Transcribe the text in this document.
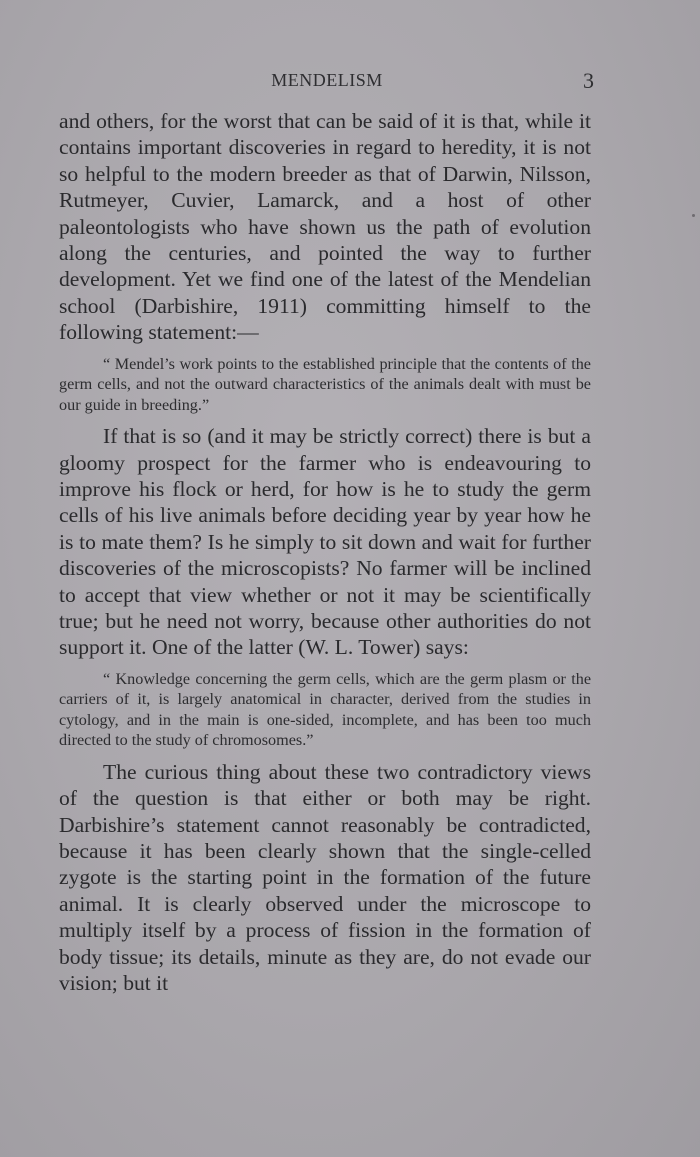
MENDELISM	3

and others, for the worst that can be said of it is that, while it contains important discoveries in regard to heredity, it is not so helpful to the modern breeder as that of Darwin, Nilsson, Rutmeyer, Cuvier, Lamarck, and a host of other paleontologists who have shown us the path of evolution along the centuries, and pointed the way to further development. Yet we find one of the latest of the Mendelian school (Darbishire, 1911) committing himself to the following statement:—

“ Mendel’s work points to the established principle that the contents of the germ cells, and not the outward characteristics of the animals dealt with must be our guide in breeding.”

If that is so (and it may be strictly correct) there is but a gloomy prospect for the farmer who is endeavouring to improve his flock or herd, for how is he to study the germ cells of his live animals before deciding year by year how he is to mate them? Is he simply to sit down and wait for further discoveries of the microscopists? No farmer will be inclined to accept that view whether or not it may be scientifically true; but he need not worry, because other authorities do not support it. One of the latter (W. L. Tower) says:

“ Knowledge concerning the germ cells, which are the germ plasm or the carriers of it, is largely anatomical in character, derived from the studies in cytology, and in the main is one-sided, incomplete, and has been too much directed to the study of chromosomes.”

The curious thing about these two contradictory views of the question is that either or both may be right. Darbishire’s statement cannot reasonably be contradicted, because it has been clearly shown that the single-celled zygote is the starting point in the formation of the future animal. It is clearly observed under the microscope to multiply itself by a process of fission in the formation of body tissue; its details, minute as they are, do not evade our vision; but it
